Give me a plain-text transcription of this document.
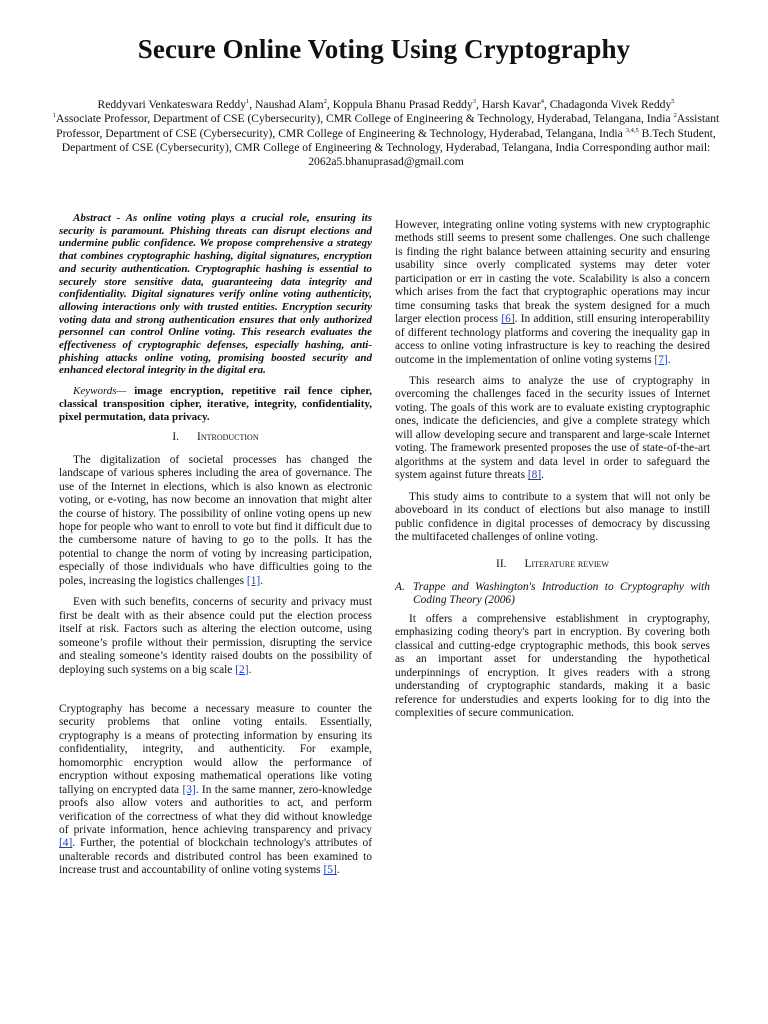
Secure Online Voting Using Cryptography
Reddyvari Venkateswara Reddy$^1$, Naushad Alam$^2$, Koppula Bhanu Prasad Reddy$^3$, Harsh Kavar$^4$, Chadagonda Vivek Reddy$^5$
$^1$Associate Professor, Department of CSE (Cybersecurity), CMR College of Engineering & Technology, Hyderabad, Telangana, India $^2$Assistant Professor, Department of CSE (Cybersecurity), CMR College of Engineering & Technology, Hyderabad, Telangana, India $^{3,4,5}$ B.Tech Student, Department of CSE (Cybersecurity), CMR College of Engineering & Technology, Hyderabad, Telangana, India Corresponding author mail: 2062a5.bhanuprasad@gmail.com

Abstract - As online voting plays a crucial role, ensuring its security is paramount. Phishing threats can disrupt elections and undermine public confidence. We propose comprehensive a strategy that combines cryptographic hashing, digital signatures, encryption and security authentication. Cryptographic hashing is essential to securely store sensitive data, guaranteeing data integrity and confidentiality. Digital signatures verify online voting authenticity, allowing interactions only with trusted entities. Encryption security voting data and strong authentication ensures that only authorized personnel can control Online voting. This research evaluates the effectiveness of cryptographic defenses, especially hashing, anti-phishing attacks online voting, promising boosted security and enhanced electoral integrity in the digital era.

Keywords— image encryption, repetitive rail fence cipher, classical transposition cipher, iterative, integrity, confidentiality, pixel permutation, data privacy.

I. Introduction

The digitalization of societal processes has changed the landscape of various spheres including the area of governance. The use of the Internet in elections, which is also known as electronic voting, or e-voting, has now become an innovation that might alter the course of history. The possibility of online voting opens up new hope for people who want to enroll to vote but find it difficult due to the cumbersome nature of having to go to the polls. It has the potential to change the norm of voting by increasing participation, especially of those individuals who have difficulties going to the poles, increasing the logistics challenges [1].

Even with such benefits, concerns of security and privacy must first be dealt with as their absence could put the election process itself at risk. Factors such as altering the election outcome, using someone’s profile without their permission, disrupting the service and stealing someone’s identity raised doubts on the possibility of deploying such systems on a big scale [2].

Cryptography has become a necessary measure to counter the security problems that online voting entails. Essentially, cryptography is a means of protecting information by ensuring its confidentiality, integrity, and authenticity. For example, homomorphic encryption would allow the performance of encryption without exposing mathematical operations like voting tallying on encrypted data [3]. In the same manner, zero-knowledge proofs also allow voters and authorities to act, and perform verification of the correctness of what they did without knowledge of private information, hence achieving transparency and privacy [4]. Further, the potential of blockchain technology's attributes of unalterable records and distributed control has been examined to increase trust and accountability of online voting systems [5].

However, integrating online voting systems with new cryptographic methods still seems to present some challenges. One such challenge is finding the right balance between attaining security and ensuring usability since overly complicated systems may deter voter participation or err in casting the vote. Scalability is also a concern which arises from the fact that cryptographic operations may incur time consuming tasks that break the system designed for a much larger election process [6]. In addition, still ensuring interoperability of different technology platforms and covering the inequality gap in access to online voting infrastructure is key to reaching the desired outcome in the implementation of online voting systems [7].

This research aims to analyze the use of cryptography in overcoming the challenges faced in the security issues of Internet voting. The goals of this work are to evaluate existing cryptographic ones, indicate the deficiencies, and give a complete strategy which will allow developing secure and transparent and large-scale Internet voting. The framework presented proposes the use of state-of-the-art algorithms at the system and data level in order to safeguard the system against future threats [8].

This study aims to contribute to a system that will not only be aboveboard in its conduct of elections but also manage to instill public confidence in digital processes of democracy by discussing the multifaceted challenges of online voting.

II. Literature review
A. Trappe and Washington's Introduction to Cryptography with Coding Theory (2006)

It offers a comprehensive establishment in cryptography, emphasizing coding theory's part in encryption. By covering both classical and cutting-edge cryptographic methods, this book serves as an important asset for understanding the hypothetical underpinnings of encryption. It gives readers with a strong understanding of cryptographic standards, making it a basic reference for understudies and experts looking for to dig into the complexities of secure communication.
